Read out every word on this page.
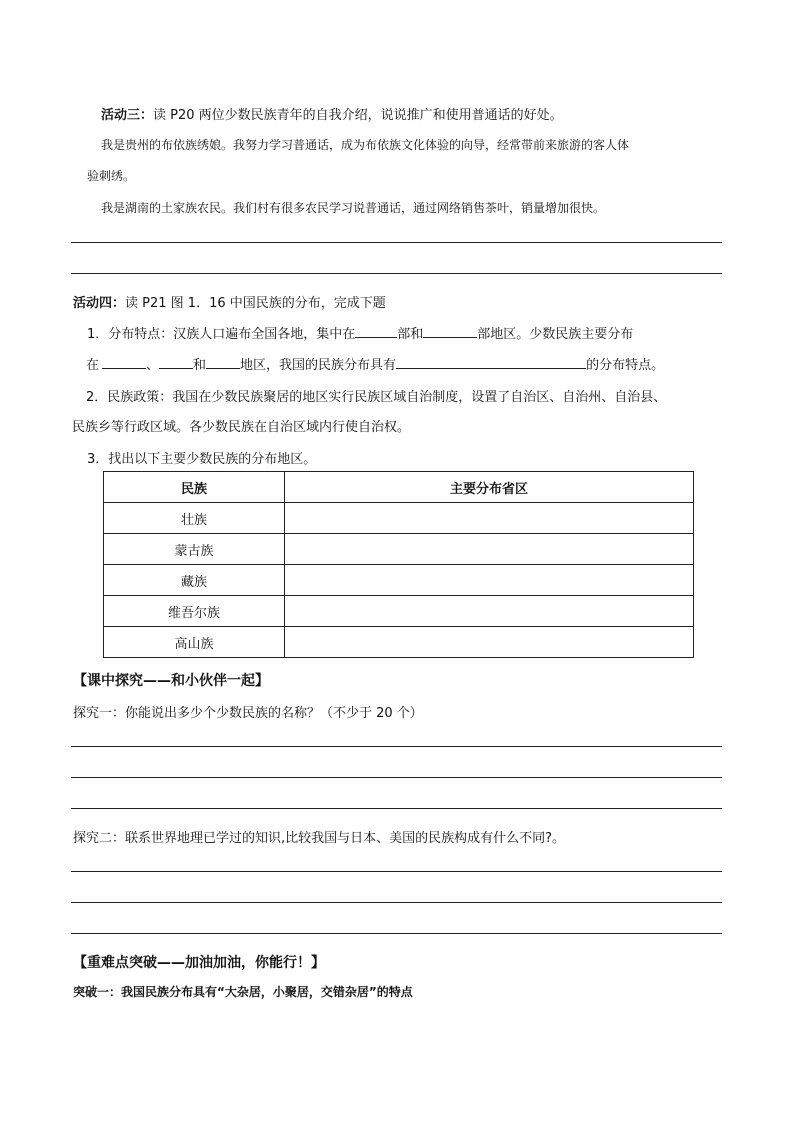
活动三：读 P20 两位少数民族青年的自我介绍，说说推广和使用普通话的好处。
我是贵州的布依族绣娘。我努力学习普通话，成为布依族文化体验的向导，经常带前来旅游的客人体
验刺绣。
我是湖南的土家族农民。我们村有很多农民学习说普通话，通过网络销售茶叶，销量增加很快。
活动四：读 P21 图 1．16 中国民族的分布，完成下题
1．分布特点：汉族人口遍布全国各地，集中在	部和	部地区。少数民族主要分布
在	、	和	地区，我国的民族分布具有	的分布特点。
2．民族政策：我国在少数民族聚居的地区实行民族区域自治制度，设置了自治区、自治州、自治县、
民族乡等行政区域。各少数民族在自治区域内行使自治权。
3．找出以下主要少数民族的分布地区。
民族	主要分布省区
壮族	
蒙古族	
藏族	
维吾尔族	
高山族	
【课中探究——和小伙伴一起】
探究一：你能说出多少个少数民族的名称？（不少于 20 个）
探究二：联系世界地理已学过的知识,比较我国与日本、美国的民族构成有什么不同?。
【重难点突破——加油加油，你能行！】
突破一：我国民族分布具有“大杂居，小聚居，交错杂居”的特点
